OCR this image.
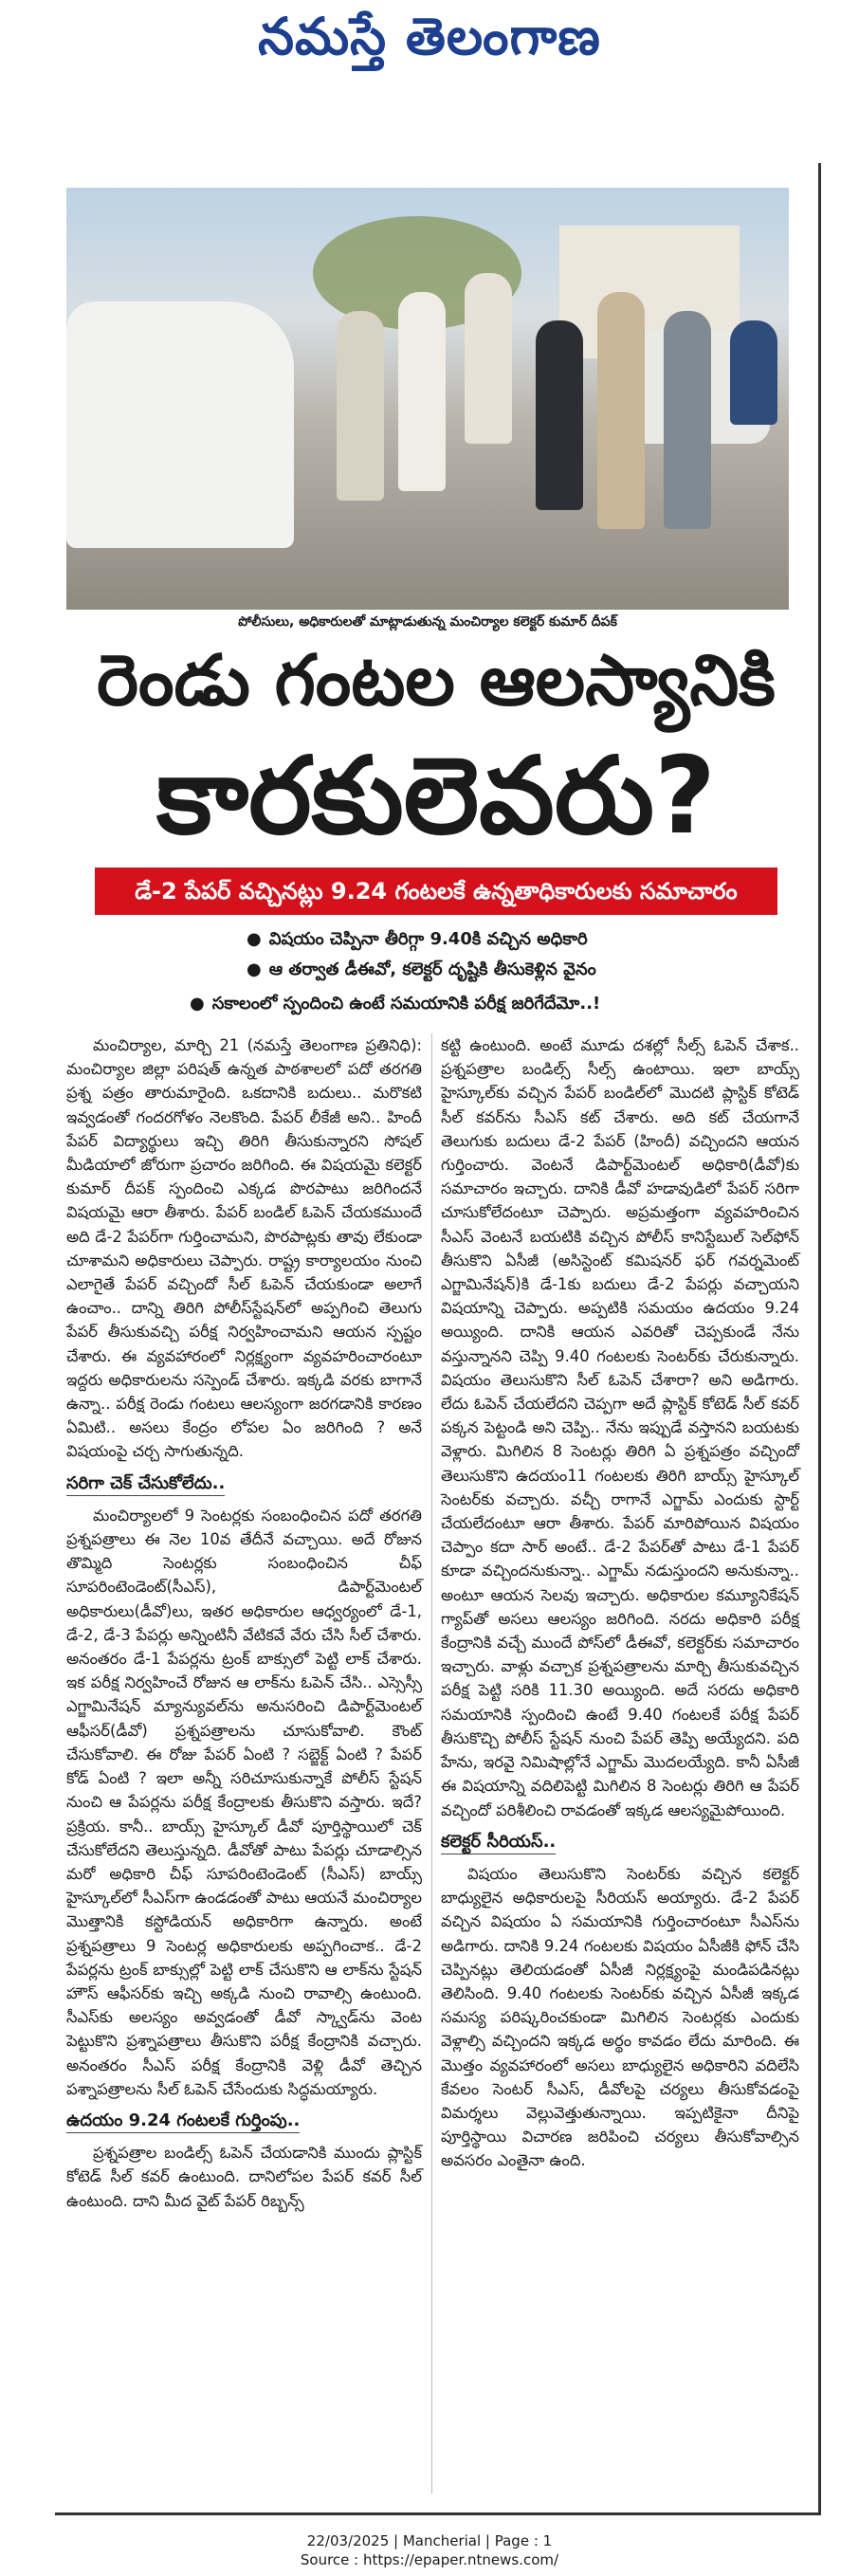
నమస్తే తెలంగాణ
పోలీసులు, అధికారులతో మాట్లాడుతున్న మంచిర్యాల కలెక్టర్ కుమార్ దీపక్
రెండు గంటల ఆలస్యానికి
కారకులెవరు?
డే-2 పేపర్ వచ్చినట్లు 9.24 గంటలకే ఉన్నతాధికారులకు సమాచారం
● విషయం చెప్పినా తీరిగ్గా 9.40కి వచ్చిన అధికారి
● ఆ తర్వాత డీఈవో, కలెక్టర్ దృష్టికి తీసుకెళ్లిన వైనం
● సకాలంలో స్పందించి ఉంటే సమయానికి పరీక్ష జరిగేదేమో..!

మంచిర్యాల, మార్చి 21 (నమస్తే తెలంగాణ ప్రతినిధి): మంచిర్యాల జిల్లా పరిషత్ ఉన్నత పాఠశాలలో పదో తరగతి ప్రశ్న పత్రం తారుమారైంది. ఒకదానికి బదులు.. మరొకటి ఇవ్వడంతో గందరగోళం నెలకొంది. పేపర్ లీకేజీ అని.. హిందీ పేపర్ విద్యార్థులు ఇచ్చి తిరిగి తీసుకున్నారని సోషల్ మీడియాలో జోరుగా ప్రచారం జరిగింది. ఈ విషయమై కలెక్టర్ కుమార్ దీపక్ స్పందించి ఎక్కడ పొరపాటు జరిగిందనే విషయమై ఆరా తీశారు. పేపర్ బండిల్ ఓపెన్ చేయకముందే అది డే-2 పేపర్‌గా గుర్తించామని, పొరపాట్లకు తావు లేకుండా చూశామని అధికారులు చెప్పారు. రాష్ట్ర కార్యాలయం నుంచి ఎలాగైతే పేపర్ వచ్చిందో సీల్ ఓపెన్ చేయకుండా అలాగే ఉంచాం.. దాన్ని తిరిగి పోలీస్‌స్టేషన్‌లో అప్పగించి తెలుగు పేపర్ తీసుకువచ్చి పరీక్ష నిర్వహించామని ఆయన స్పష్టం చేశారు. ఈ వ్యవహారంలో నిర్లక్ష్యంగా వ్యవహరించారంటూ ఇద్దరు అధికారులను సస్పెండ్ చేశారు. ఇక్కడి వరకు బాగానే ఉన్నా.. పరీక్ష రెండు గంటలు ఆలస్యంగా జరగడానికి కారణం ఏమిటి.. అసలు కేంద్రం లోపల ఏం జరిగింది ? అనే విషయంపై చర్చ సాగుతున్నది.

సరిగా చెక్ చేసుకోలేదు..

మంచిర్యాలలో 9 సెంటర్లకు సంబంధించిన పదో తరగతి ప్రశ్నపత్రాలు ఈ నెల 10వ తేదీనే వచ్చాయి. అదే రోజున తొమ్మిది సెంటర్లకు సంబంధించిన చీఫ్ సూపరింటెండెంట్(సీఎస్), డిపార్ట్‌మెంటల్ అధికారులు(డీవో)లు, ఇతర అధికారుల ఆధ్వర్యంలో డే-1, డే-2, డే-3 పేపర్లు అన్నింటినీ వేటికవే వేరు చేసి సీల్ చేశారు. అనంతరం డే-1 పేపర్లను ట్రంక్ బాక్సులో పెట్టి లాక్ చేశారు. ఇక పరీక్ష నిర్వహించే రోజున ఆ లాక్‌ను ఓపెన్ చేసి.. ఎస్సెస్సీ ఎగ్జామినేషన్ మ్యాన్యువల్‌ను అనుసరించి డిపార్ట్‌మెంటల్ ఆఫీసర్(డీవో) ప్రశ్నపత్రాలను చూసుకోవాలి. కౌంట్ చేసుకోవాలి. ఈ రోజు పేపర్ ఏంటి ? సబ్జెక్ట్ ఏంటి ? పేపర్ కోడ్ ఏంటి ? ఇలా అన్నీ సరిచూసుకున్నాకే పోలీస్ స్టేషన్ నుంచి ఆ పేపర్లను పరీక్ష కేంద్రాలకు తీసుకొని వస్తారు. ఇదే? ప్రక్రియ. కానీ.. బాయ్స్ హైస్కూల్ డీవో పూర్తిస్థాయిలో చెక్ చేసుకోలేదని తెలుస్తున్నది. డీవోతో పాటు పేపర్లు చూడాల్సిన మరో అధికారి చీఫ్ సూపరింటెండెంట్ (సీఎస్) బాయ్స్ హైస్కూల్‌లో సీఎస్‌గా ఉండడంతో పాటు ఆయనే మంచిర్యాల మొత్తానికి కస్టోడియన్ అధికారిగా ఉన్నారు. అంటే ప్రశ్నపత్రాలు 9 సెంటర్ల అధికారులకు అప్పగించాక.. డే-2 పేపర్లను ట్రంక్ బాక్సుల్లో పెట్టి లాక్ చేసుకొని ఆ లాక్‌ను స్టేషన్ హౌస్ ఆఫీసర్‌కు ఇచ్చి అక్కడి నుంచి రావాల్సి ఉంటుంది. సీఎస్‌కు అలస్యం అవ్వడంతో డీవో స్క్వాడ్‌ను వెంట పెట్టుకొని ప్రశ్నాపత్రాలు తీసుకొని పరీక్ష కేంద్రానికి వచ్చారు. అనంతరం సీఎస్ పరీక్ష కేంద్రానికి వెళ్లి డీవో తెచ్చిన పశ్నాపత్రాలను సీల్ ఓపెన్ చేసేందుకు సిద్ధమయ్యారు.

ఉదయం 9.24 గంటలకే గుర్తింపు..

ప్రశ్నపత్రాల బండిల్స్ ఓపెన్ చేయడానికి ముందు ప్లాస్టిక్ కోటెడ్ సీల్ కవర్ ఉంటుంది. దానిలోపల పేపర్ కవర్ సీల్ ఉంటుంది. దాని మీద వైట్ పేపర్ రిబ్బన్స్

కట్టి ఉంటుంది. అంటే మూడు దశల్లో సీల్స్ ఓపెన్ చేశాక.. ప్రశ్నపత్రాల బండిల్స్ సీల్స్ ఉంటాయి. ఇలా బాయ్స్ హైస్కూల్‌కు వచ్చిన పేపర్ బండిల్‌లో మొదటి ప్లాస్టిక్ కోటెడ్ సీల్ కవర్‌ను సీఎస్ కట్ చేశారు. అది కట్ చేయగానే తెలుగుకు బదులు డే-2 పేపర్ (హిందీ) వచ్చిందని ఆయన గుర్తించారు. వెంటనే డిపార్ట్‌మెంటల్ అధికారి(డీవో)కు సమాచారం ఇచ్చారు. దానికి డీవో హడావుడిలో పేపర్ సరిగా చూసుకోలేదంటూ చెప్పారు. అప్రమత్తంగా వ్యవహరించిన సీఎస్ వెంటనే బయటికి వచ్చిన పోలీస్ కానిస్టేబుల్ సెల్‌ఫోన్ తీసుకొని ఏసీజీ (అసిస్టెంట్ కమిషనర్ ఫర్ గవర్నమెంట్ ఎగ్జామినేషన్)కి డే-1కు బదులు డే-2 పేపర్లు వచ్చాయని విషయాన్ని చెప్పారు. అప్పటికి సమయం ఉదయం 9.24 అయ్యింది. దానికి ఆయన ఎవరితో చెప్పకుండే నేను వస్తున్నానని చెప్పి 9.40 గంటలకు సెంటర్‌కు చేరుకున్నారు. విషయం తెలుసుకొని సీల్ ఓపెన్ చేశారా? అని అడిగారు. లేదు ఓపెన్ చేయలేదని చెప్పగా అదే ప్లాస్టిక్ కోటెడ్ సీల్ కవర్ పక్కన పెట్టండి అని చెప్పి.. నేను ఇప్పుడే వస్తానని బయటకు వెళ్లారు. మిగిలిన 8 సెంటర్లు తిరిగి ఏ ప్రశ్నపత్రం వచ్చిందో తెలుసుకొని ఉదయం11 గంటలకు తిరిగి బాయ్స్ హైస్కూల్ సెంటర్‌కు వచ్చారు. వచ్చీ రాగానే ఎగ్జామ్ ఎందుకు స్టార్ట్ చేయలేదంటూ ఆరా తీశారు. పేపర్ మారిపోయిన విషయం చెప్పాం కదా సార్ అంటే.. డే-2 పేపర్‌తో పాటు డే-1 పేపర్ కూడా వచ్చిందనుకున్నా.. ఎగ్జామ్ నడుస్తుందని అనుకున్నా.. అంటూ ఆయన సెలవు ఇచ్చారు. అధికారుల కమ్యూనికేషన్ గ్యాప్‌తో అసలు ఆలస్యం జరిగింది. నరదు అధికారి పరీక్ష కేంద్రానికి వచ్చే ముందే పోస్‌లో డీఈవో, కలెక్టర్‌కు సమాచారం ఇచ్చారు. వాళ్లు వచ్చాక ప్రశ్నపత్రాలను మార్చి తీసుకువచ్చిన పరీక్ష పెట్టి సరికి 11.30 అయ్యింది. అదే సరదు అధికారి సమయానికి స్పందించి ఉంటే 9.40 గంటలకే పరీక్ష పేపర్ తీసుకొచ్చి పోలీస్ స్టేషన్ నుంచి పేపర్ తెప్పి అయ్యేదని. పది హేను, ఇరవై నిమిషాల్లోనే ఎగ్జామ్ మొదలయ్యేది. కానీ ఏసీజీ ఈ విషయాన్ని వదిలిపెట్టి మిగిలిన 8 సెంటర్లు తిరిగి ఆ పేపర్ వచ్చిందో పరిశీలించి రావడంతో ఇక్కడ ఆలస్యమైపోయింది.

కలెక్టర్ సీరియస్..

విషయం తెలుసుకొని సెంటర్‌కు వచ్చిన కలెక్టర్ బాధ్యులైన అధికారులపై సీరియస్ అయ్యారు. డే-2 పేపర్ వచ్చిన విషయం ఏ సమయానికి గుర్తించారంటూ సీఎస్‌ను అడిగారు. దానికి 9.24 గంటలకు విషయం ఏసీజీకి ఫోన్ చేసి చెప్పినట్లు తెలియడంతో ఏసీజీ నిర్లక్ష్యంపై మండిపడినట్లు తెలిసింది. 9.40 గంటలకు సెంటర్‌కు వచ్చిన ఏసీజీ ఇక్కడ సమస్య పరిష్కరించకుండా మిగిలిన సెంటర్లకు ఎందుకు వెళ్లాల్సి వచ్చిందని ఇక్కడ అర్థం కావడం లేదు మారింది. ఈ మొత్తం వ్యవహారంలో అసలు బాధ్యులైన అధికారిని వదిలేసి కేవలం సెంటర్ సీఎస్, డీవోలపై చర్యలు తీసుకోవడంపై విమర్శలు వెల్లువెత్తుతున్నాయి. ఇప్పటికైనా దీనిపై పూర్తిస్థాయి విచారణ జరిపించి చర్యలు తీసుకోవాల్సిన అవసరం ఎంతైనా ఉంది.

22/03/2025 | Mancherial | Page : 1
Source : https://epaper.ntnews.com/
